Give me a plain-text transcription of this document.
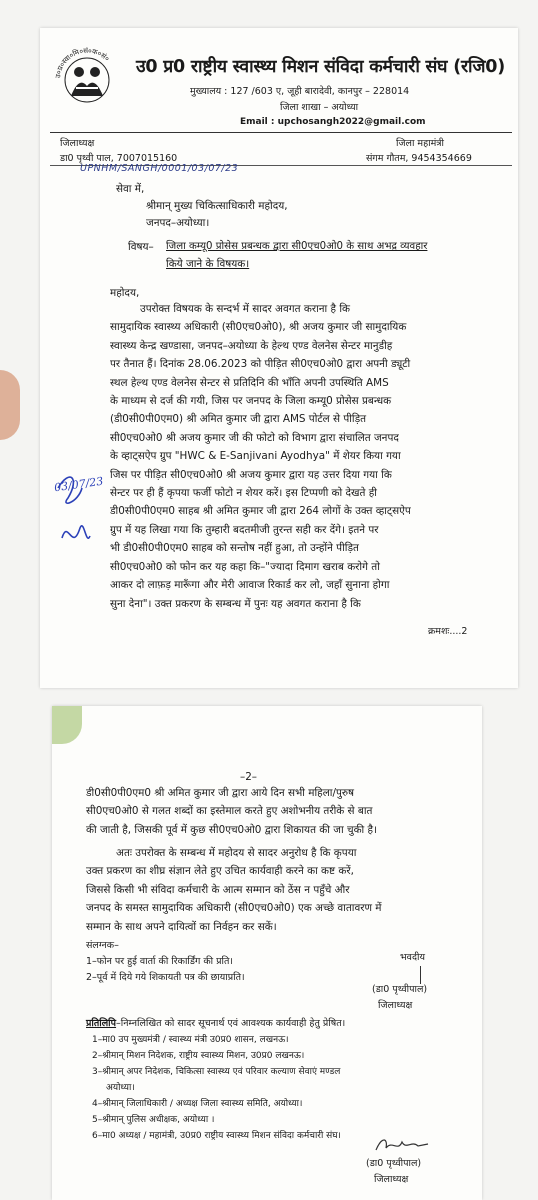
उ०प्र०स्वा०मि०सं०क०सं० उ0 प्र0 राष्ट्रीय स्वास्थ्य मिशन संविदा कर्मचारी संघ (रजि0)
मुख्यालय : 127 /603 ए, जूही बारादेवी, कानपुर – 228014
जिला शाखा – अयोध्या
Email : upchosangh2022@gmail.com
जिलाध्यक्ष
डा0 पृथ्वी पाल, 7007015160
जिला महामंत्री
संगम गौतम, 9454354669
UPNHM/SANGH/0001/03/07/23
सेवा में,
श्रीमान् मुख्य चिकित्साधिकारी महोदय,
जनपद–अयोध्या।
विषय– जिला कम्यू0 प्रोसेस प्रबन्धक द्वारा सी0एच0ओ0 के साथ अभद्र व्यवहार
किये जाने के विषयक।
महोदय,
उपरोक्त विषयक के सन्दर्भ में सादर अवगत कराना है कि
सामुदायिक स्वास्थ्य अधिकारी (सी0एच0ओ0), श्री अजय कुमार जी सामुदायिक
स्वास्थ्य केन्द्र खण्डासा, जनपद–अयोध्या के हेल्थ एण्ड वेलनेस सेन्टर मानुडीह
पर तैनात हैं। दिनांक 28.06.2023 को पीड़ित सी0एच0ओ0 द्वारा अपनी ड्यूटी
स्थल हेल्थ एण्ड वेलनेस सेन्टर से प्रतिदिनि की भाँति अपनी उपस्थिति AMS
के माध्यम से दर्ज की गयी, जिस पर जनपद के जिला कम्यू0 प्रोसेस प्रबन्धक
(डी0सी0पी0एम0) श्री अमित कुमार जी द्वारा AMS पोर्टल से पीड़ित
सी0एच0ओ0 श्री अजय कुमार जी की फोटो को विभाग द्वारा संचालित जनपद
के व्हाट्सऐप ग्रुप "HWC & E-Sanjivani Ayodhya" में शेयर किया गया
जिस पर पीड़ित सी0एच0ओ0 श्री अजय कुमार द्वारा यह उत्तर दिया गया कि
सेन्टर पर ही हैं कृपया फर्जी फोटो न शेयर करें। इस टिप्पणी को देखते ही
डी0सी0पी0एम0 साहब श्री अमित कुमार जी द्वारा 264 लोगों के उक्त व्हाट्सऐप
ग्रुप में यह लिखा गया कि तुम्हारी बदतमीजी तुरन्त सही कर देंगे। इतने पर
भी डी0सी0पी0एम0 साहब को सन्तोष नहीं हुआ, तो उन्होंने पीड़ित
सी0एच0ओ0 को फोन कर यह कहा कि–"ज्यादा दिमाग खराब करोगे तो
आकर दो लाफ़ड़ मारूँगा और मेरी आवाज रिकार्ड कर लो, जहाँ सुनाना होगा
सुना देना"। उक्त प्रकरण के सम्बन्ध में पुनः यह अवगत कराना है कि
क्रमशः....2
03/07/23
–2–
डी0सी0पी0एम0 श्री अमित कुमार जी द्वारा आये दिन सभी महिला/पुरुष
सी0एच0ओ0 से गलत शब्दों का इस्तेमाल करते हुए अशोभनीय तरीके से बात
की जाती है, जिसकी पूर्व में कुछ सी0एच0ओ0 द्वारा शिकायत की जा चुकी है।
अतः उपरोक्त के सम्बन्ध में महोदय से सादर अनुरोध है कि कृपया
उक्त प्रकरण का शीघ्र संज्ञान लेते हुए उचित कार्यवाही करने का कष्ट करें,
जिससे किसी भी संविदा कर्मचारी के आत्म सम्मान को ठेंस न पहुँचे और
जनपद के समस्त सामुदायिक अधिकारी (सी0एच0ओ0) एक अच्छे वातावरण में
सम्मान के साथ अपने दायित्वों का निर्वहन कर सकें।
संलग्नक–
1–फोन पर हुई वार्ता की रिकार्डिंग की प्रति।
2–पूर्व में दिये गये शिकायती पत्र की छायाप्रति।
भवदीय
(डा0 पृथ्वीपाल)
जिलाध्यक्ष
प्रतिलिपि–निम्नलिखित को सादर सूचनार्थ एवं आवश्यक कार्यवाही हेतु प्रेषित।
1–मा0 उप मुख्यमंत्री / स्वास्थ्य मंत्री उ0प्र0 शासन, लखनऊ।
2–श्रीमान् मिशन निदेशक, राष्ट्रीय स्वास्थ्य मिशन, उ0प्र0 लखनऊ।
3–श्रीमान् अपर निदेशक, चिकित्सा स्वास्थ्य एवं परिवार कल्याण सेवाएं मण्डल
अयोध्या।
4–श्रीमान् जिलाधिकारी / अध्यक्ष जिला स्वास्थ्य समिति, अयोध्या।
5–श्रीमान् पुलिस अधीक्षक, अयोध्या ।
6–मा0 अध्यक्ष / महामंत्री, उ0प्र0 राष्ट्रीय स्वास्थ्य मिशन संविदा कर्मचारी संघ।
(डा0 पृथ्वीपाल)
जिलाध्यक्ष
